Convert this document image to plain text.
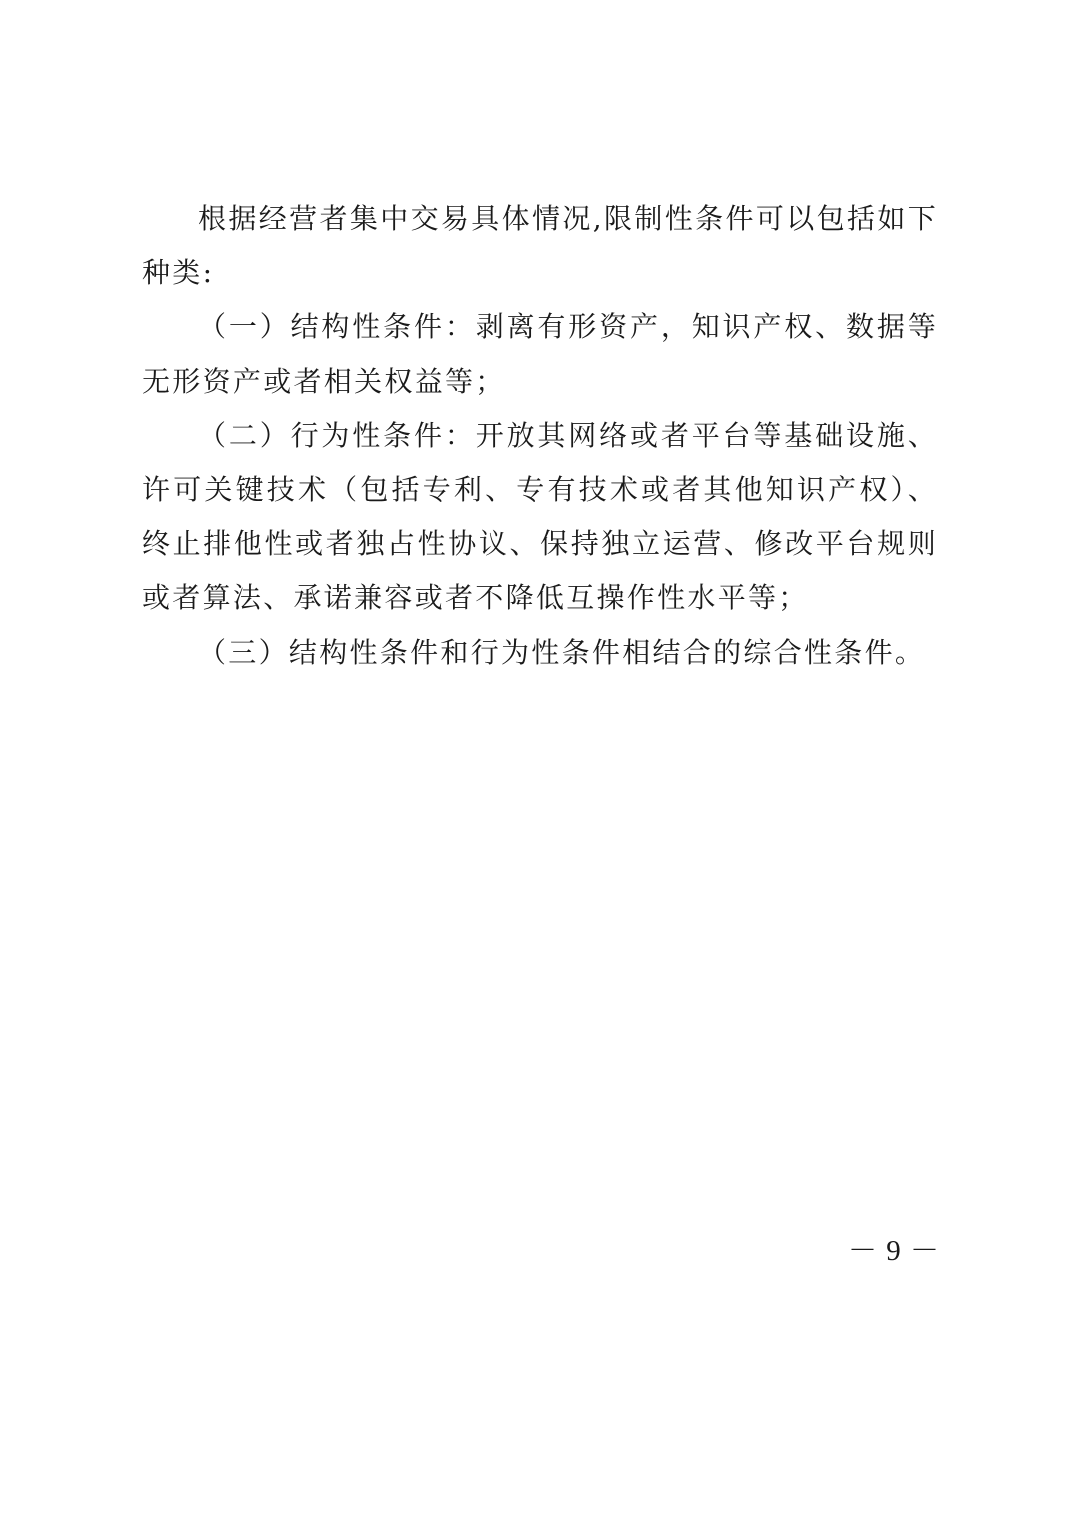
根据经营者集中交易具体情况,限制性条件可以包括如下种类:

（一）结构性条件：剥离有形资产，知识产权、数据等无形资产或者相关权益等；

（二）行为性条件：开放其网络或者平台等基础设施、许可关键技术（包括专利、专有技术或者其他知识产权）、终止排他性或者独占性协议、保持独立运营、修改平台规则或者算法、承诺兼容或者不降低互操作性水平等；

（三）结构性条件和行为性条件相结合的综合性条件。

－ 9 －
